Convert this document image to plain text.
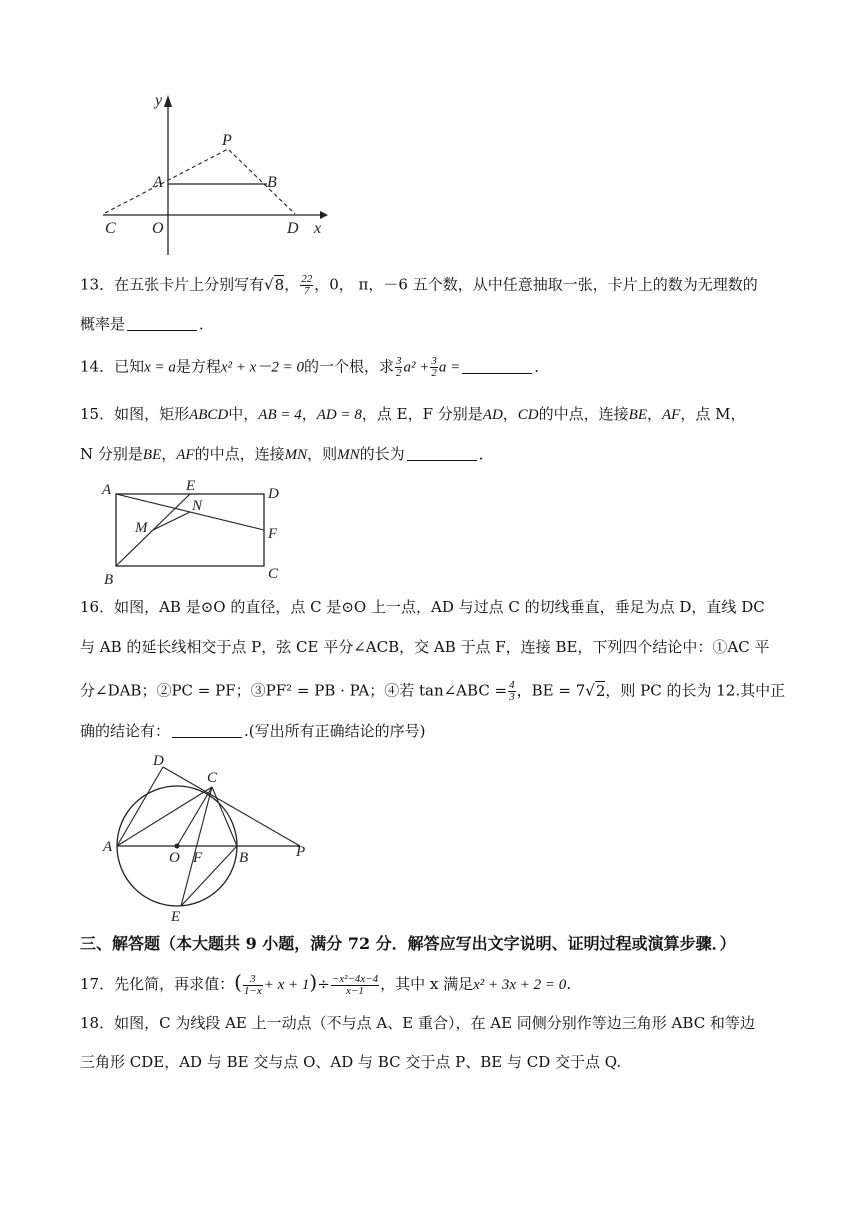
y
P
A	B
C O	D x
13．在五张卡片上分别写有√8， $\frac{22}{7}$ ，0， π，－6 五个数，从中任意抽取一张，卡片上的数为无理数的
概率是	．
14．已知x = a是方程x² + x－2 = 0的一个根，求 $\frac{3}{2} a^2 + \frac{3}{2}$ a =	．
15．如图，矩形ABCD中，AB = 4，AD = 8，点 E，F 分别是AD，CD的中点，连接BE，AF，点 M，
N 分别是BE，AF的中点，连接MN，则MN的长为	．
A	E	D
N
M	F
B	C
16．如图，AB 是⊙O 的直径，点 C 是⊙O 上一点，AD 与过点 C 的切线垂直，垂足为点 D，直线 DC
与 AB 的延长线相交于点 P，弦 CE 平分∠ACB，交 AB 于点 F，连接 BE，下列四个结论中：①AC 平
分∠DAB；②PC = PF；③PF² = PB · PA；④若 tan∠ABC = $\frac{4}{3}$ ，BE = 7√2，则 PC 的长为 12.其中正
确的结论有：	.(写出所有正确结论的序号)
D
C
A
O F B	P
E
三、解答题（本大题共 9 小题，满分 72 分．解答应写出文字说明、证明过程或演算步骤．）
17．先化简，再求值：( $\frac{3}{1-x} + x + 1)\div \frac{\text{−x²−4x−4}}{x-1}$ ，其中 x 满足x² + 3x + 2 = 0．
18．如图，C 为线段 AE 上一动点（不与点 A、E 重合），在 AE 同侧分别作等边三角形 ABC 和等边
三角形 CDE，AD 与 BE 交与点 O、AD 与 BC 交于点 P、BE 与 CD 交于点 Q.
